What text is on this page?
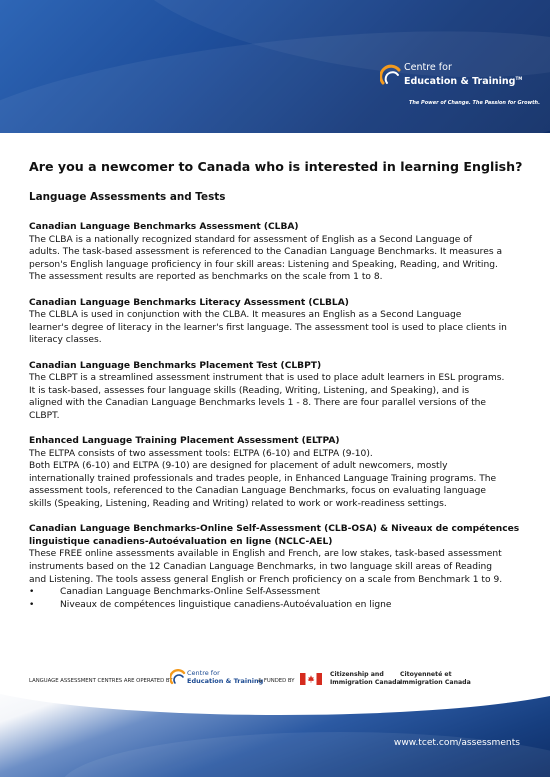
Centre for
Education & Training™
The Power of Change. The Passion for Growth.
Are you a newcomer to Canada who is interested in learning English?
Language Assessments and Tests
Canadian Language Benchmarks Assessment (CLBA)

The CLBA is a nationally recognized standard for assessment of English as a Second Language of
adults. The task-based assessment is referenced to the Canadian Language Benchmarks. It measures a
person's English language proficiency in four skill areas: Listening and Speaking, Reading, and Writing.
The assessment results are reported as benchmarks on the scale from 1 to 8.

Canadian Language Benchmarks Literacy Assessment (CLBLA)

The CLBLA is used in conjunction with the CLBA. It measures an English as a Second Language
learner's degree of literacy in the learner's first language. The assessment tool is used to place clients in
literacy classes.

Canadian Language Benchmarks Placement Test (CLBPT)

The CLBPT is a streamlined assessment instrument that is used to place adult learners in ESL programs.
It is task-based, assesses four language skills (Reading, Writing, Listening, and Speaking), and is
aligned with the Canadian Language Benchmarks levels 1 - 8. There are four parallel versions of the
CLBPT.

Enhanced Language Training Placement Assessment (ELTPA)

The ELTPA consists of two assessment tools: ELTPA (6-10) and ELTPA (9-10).
Both ELTPA (6-10) and ELTPA (9-10) are designed for placement of adult newcomers, mostly
internationally trained professionals and trades people, in Enhanced Language Training programs. The
assessment tools, referenced to the Canadian Language Benchmarks, focus on evaluating language
skills (Speaking, Listening, Reading and Writing) related to work or work-readiness settings.

Canadian Language Benchmarks-Online Self-Assessment (CLB-OSA) & Niveaux de compétences linguistique canadiens-Autoévaluation en ligne (NCLC-AEL)

These FREE online assessments available in English and French, are low stakes, task-based assessment
instruments based on the 12 Canadian Language Benchmarks, in two language skill areas of Reading
and Listening. The tools assess general English or French proficiency on a scale from Benchmark 1 to 9.

•	Canadian Language Benchmarks-Online Self-Assessment
•	Niveaux de compétences linguistique canadiens-Autoévaluation en ligne
LANGUAGE ASSESSMENT CENTRES ARE OPERATED BY
Centre for
Education & Training
& FUNDED BY
Citizenship and
Immigration Canada
Citoyenneté et
Immigration Canada
www.tcet.com/assessments
